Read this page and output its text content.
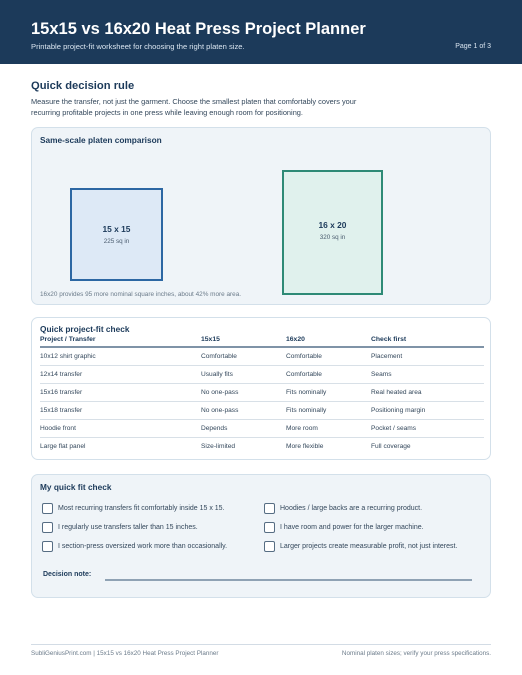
15x15 vs 16x20 Heat Press Project Planner
Printable project-fit worksheet for choosing the right platen size.	Page 1 of 3
Quick decision rule
Measure the transfer, not just the garment. Choose the smallest platen that comfortably covers your recurring profitable projects in one press while leaving enough room for positioning.
Same-scale platen comparison
15 x 15
225 sq in
16 x 20
320 sq in
16x20 provides 95 more nominal square inches, about 42% more area.
Quick project-fit check
Project / Transfer	15x15	16x20	Check first
10x12 shirt graphic	Comfortable	Comfortable	Placement
12x14 transfer	Usually fits	Comfortable	Seams
15x16 transfer	No one-pass	Fits nominally	Real heated area
15x18 transfer	No one-pass	Fits nominally	Positioning margin
Hoodie front	Depends	More room	Pocket / seams
Large flat panel	Size-limited	More flexible	Full coverage
My quick fit check
Most recurring transfers fit comfortably inside 15 x 15.
I regularly use transfers taller than 15 inches.
I section-press oversized work more than occasionally.
Hoodies / large backs are a recurring product.
I have room and power for the larger machine.
Larger projects create measurable profit, not just interest.
Decision note:
SubliGeniusPrint.com | 15x15 vs 16x20 Heat Press Project Planner	Nominal platen sizes; verify your press specifications.
